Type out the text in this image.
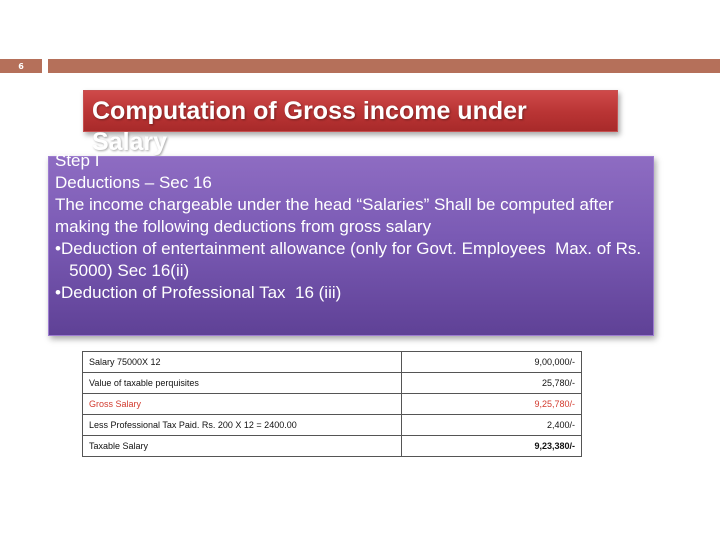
6
Computation of Gross income under
Salary
Step I
Deductions – Sec 16
The income chargeable under the head “Salaries” Shall be computed after making the following deductions from gross salary
•Deduction of entertainment allowance (only for Govt. Employees  Max. of Rs.
5000) Sec 16(ii)
•Deduction of Professional Tax  16 (iii)
Salary 75000X 12	9,00,000/-
Value of taxable perquisites	25,780/-
Gross Salary	9,25,780/-
Less Professional Tax Paid. Rs. 200 X 12 = 2400.00	2,400/-
Taxable Salary	9,23,380/-
